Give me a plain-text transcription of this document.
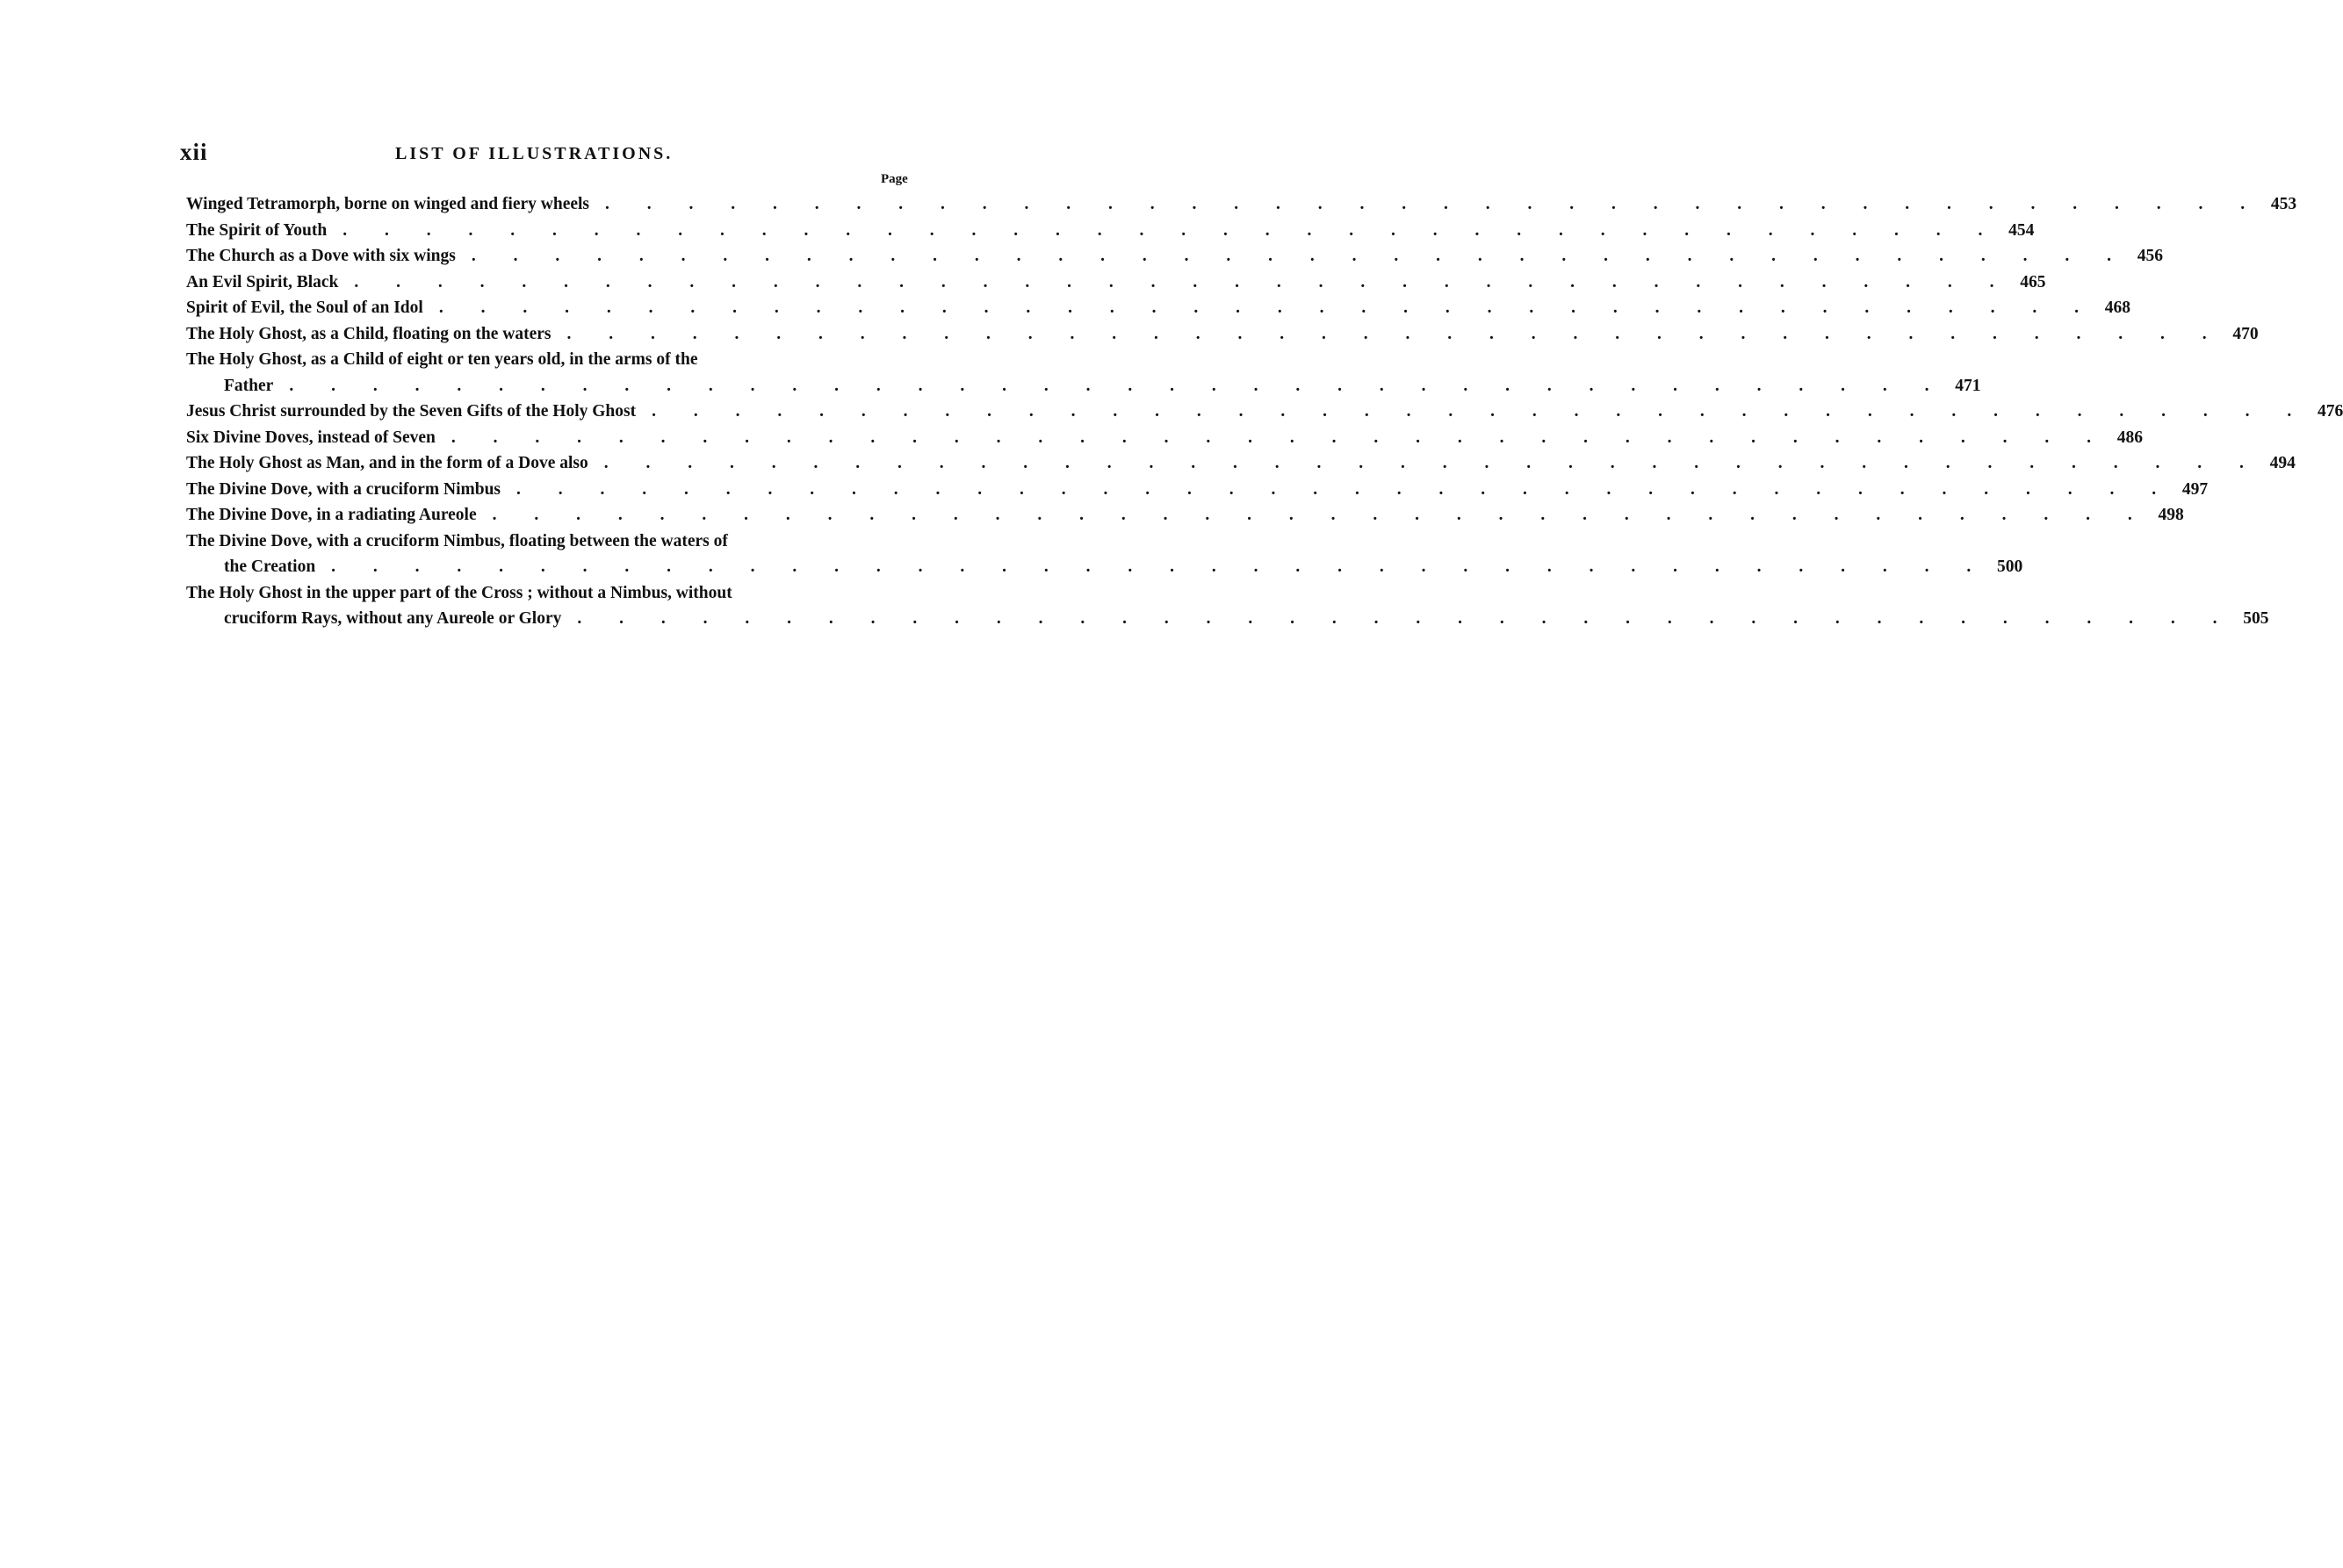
xii	LIST OF ILLUSTRATIONS.
Page
Winged Tetramorph, borne on winged and fiery wheels . . . . . . . . . . . . . . . . . . . . . . . . . . . . . . . . . . . . . . . . 453
The Spirit of Youth . . . . . . . . . . . . . . . . . . . . . . . . . . . . . . . . . . . . . . . . 454
The Church as a Dove with six wings . . . . . . . . . . . . . . . . . . . . . . . . . . . . . . . . . . . . . . . . 456
An Evil Spirit, Black . . . . . . . . . . . . . . . . . . . . . . . . . . . . . . . . . . . . . . . . 465
Spirit of Evil, the Soul of an Idol . . . . . . . . . . . . . . . . . . . . . . . . . . . . . . . . . . . . . . . . 468
The Holy Ghost, as a Child, floating on the waters . . . . . . . . . . . . . . . . . . . . . . . . . . . . . . . . . . . . . . . . 470
The Holy Ghost, as a Child of eight or ten years old, in the arms of the
Father . . . . . . . . . . . . . . . . . . . . . . . . . . . . . . . . . . . . . . . . 471
Jesus Christ surrounded by the Seven Gifts of the Holy Ghost . . . . . . . . . . . . . . . . . . . . . . . . . . . . . . . . . . . . . . . . 476
Six Divine Doves, instead of Seven . . . . . . . . . . . . . . . . . . . . . . . . . . . . . . . . . . . . . . . . 486
The Holy Ghost as Man, and in the form of a Dove also . . . . . . . . . . . . . . . . . . . . . . . . . . . . . . . . . . . . . . . . 494
The Divine Dove, with a cruciform Nimbus . . . . . . . . . . . . . . . . . . . . . . . . . . . . . . . . . . . . . . . . 497
The Divine Dove, in a radiating Aureole . . . . . . . . . . . . . . . . . . . . . . . . . . . . . . . . . . . . . . . . 498
The Divine Dove, with a cruciform Nimbus, floating between the waters of
the Creation . . . . . . . . . . . . . . . . . . . . . . . . . . . . . . . . . . . . . . . . 500
The Holy Ghost in the upper part of the Cross ; without a Nimbus, without
cruciform Rays, without any Aureole or Glory . . . . . . . . . . . . . . . . . . . . . . . . . . . . . . . . . . . . . . . . 505
